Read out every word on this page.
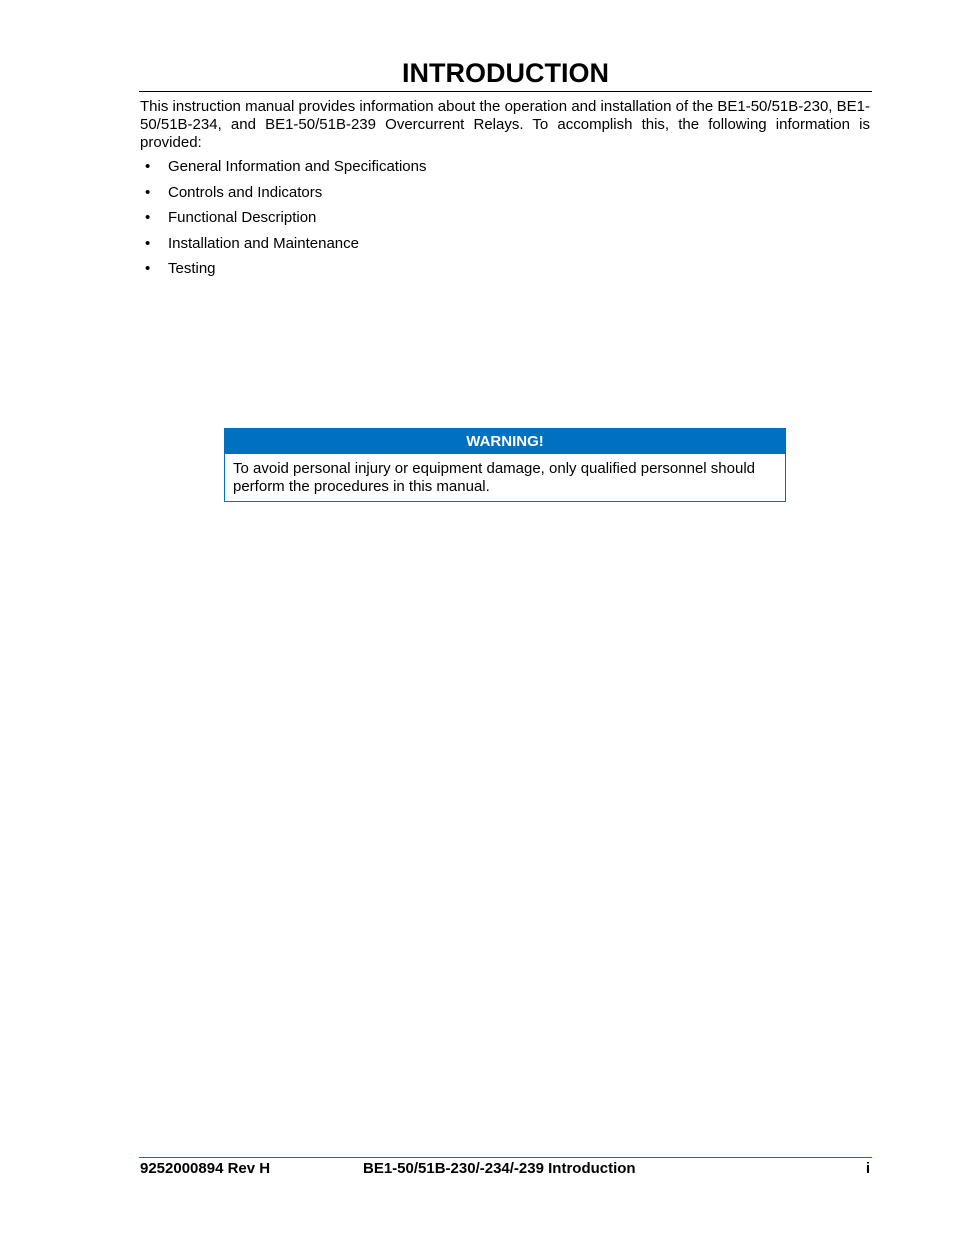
INTRODUCTION

This instruction manual provides information about the operation and installation of the BE1-50/51B-230, BE1-50/51B-234, and BE1-50/51B-239 Overcurrent Relays. To accomplish this, the following information is provided:

• General Information and Specifications
• Controls and Indicators
• Functional Description
• Installation and Maintenance
• Testing
WARNING!
To avoid personal injury or equipment damage, only qualified personnel should perform the procedures in this manual.
9252000894 Rev H	BE1-50/51B-230/-234/-239 Introduction	i
